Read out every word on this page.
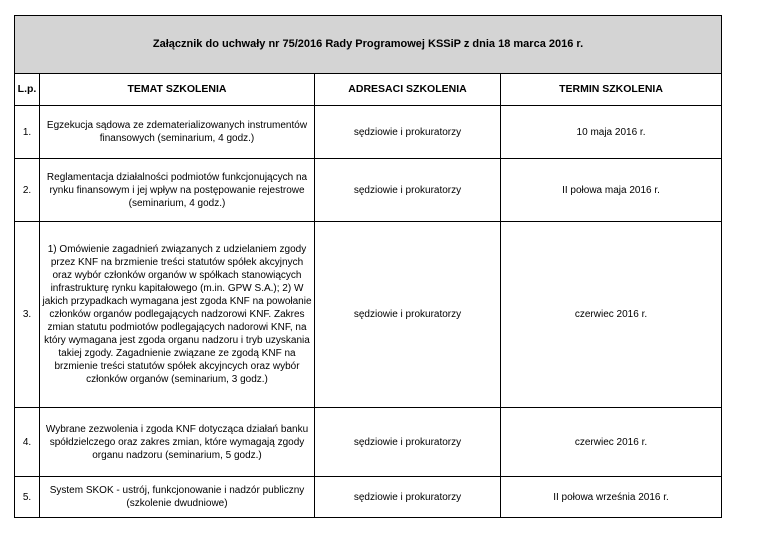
Załącznik do uchwały nr 75/2016 Rady Programowej KSSiP z dnia 18 marca 2016 r.			
L.p.	TEMAT SZKOLENIA	ADRESACI SZKOLENIA	TERMIN SZKOLENIA
1.	Egzekucja sądowa ze zdematerializowanych instrumentów finansowych (seminarium, 4 godz.)	sędziowie i prokuratorzy	10 maja 2016 r.
2.	Reglamentacja działalności podmiotów funkcjonujących na rynku finansowym i jej wpływ na postępowanie rejestrowe (seminarium, 4 godz.)	sędziowie i prokuratorzy	II połowa maja 2016 r.
3.	1) Omówienie zagadnień związanych z udzielaniem zgody przez KNF na brzmienie treści statutów spółek akcyjnych oraz wybór członków organów w spółkach stanowiących infrastrukturę rynku kapitałowego (m.in. GPW S.A.); 2) W jakich przypadkach wymagana jest zgoda KNF na powołanie członków organów podlegających nadzorowi KNF. Zakres zmian statutu podmiotów podlegających nadorowi KNF, na który wymagana jest zgoda organu nadzoru i tryb uzyskania takiej zgody. Zagadnienie związane ze zgodą KNF na brzmienie treści statutów spółek akcyjncych oraz wybór członków organów (seminarium, 3 godz.)	sędziowie i prokuratorzy	czerwiec 2016 r.
4.	Wybrane zezwolenia i zgoda KNF dotycząca działań banku spółdzielczego oraz zakres zmian, które wymagają zgody organu nadzoru (seminarium, 5 godz.)	sędziowie i prokuratorzy	czerwiec 2016 r.
5.	System SKOK - ustrój, funkcjonowanie i nadzór publiczny (szkolenie dwudniowe)	sędziowie i prokuratorzy	II połowa września 2016 r.
